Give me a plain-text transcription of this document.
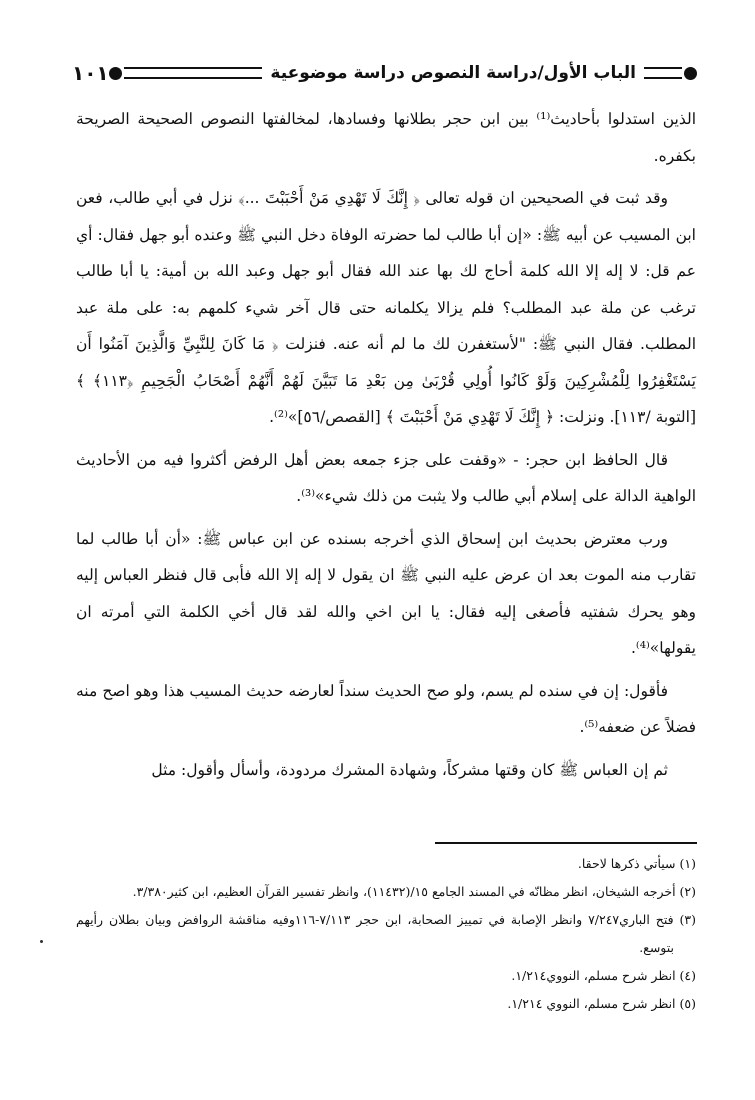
١٠١	الباب الأول/دراسة النصوص دراسة موضوعية

الذين استدلوا بأحاديث⁽¹⁾ بين ابن حجر بطلانها وفسادها، لمخالفتها النصوص الصحيحة الصريحة بكفره.

وقد ثبت في الصحيحين ان قوله تعالى ﴿ إِنَّكَ لَا تَهْدِي مَنْ أَحْبَبْتَ ...﴾ نزل في أبي طالب، فعن ابن المسيب عن أبيه ﷺ: «إن أبا طالب لما حضرته الوفاة دخل النبي ﷺ وعنده أبو جهل فقال: أي عم قل: لا إله إلا الله كلمة أحاج لك بها عند الله فقال أبو جهل وعبد الله بن أمية: يا أبا طالب ترغب عن ملة عبد المطلب؟ فلم يزالا يكلمانه حتى قال آخر شيء كلمهم به: على ملة عبد المطلب. فقال النبي ﷺ: "لأستغفرن لك ما لم أنه عنه. فنزلت ﴿ مَا كَانَ لِلنَّبِيِّ وَالَّذِينَ آمَنُوا أَن يَسْتَغْفِرُوا لِلْمُشْرِكِينَ وَلَوْ كَانُوا أُولِي قُرْبَىٰ مِن بَعْدِ مَا تَبَيَّنَ لَهُمْ أَنَّهُمْ أَصْحَابُ الْجَحِيمِ ﴿١١٣﴾ ﴾ [التوبة /١١٣]. ونزلت: ﴿ إِنَّكَ لَا تَهْدِي مَنْ أَحْبَبْتَ ﴾ [القصص/٥٦]»⁽²⁾.

قال الحافظ ابن حجر: - «وقفت على جزء جمعه بعض أهل الرفض أكثروا فيه من الأحاديث الواهية الدالة على إسلام أبي طالب ولا يثبت من ذلك شيء»⁽³⁾.

ورب معترض بحديث ابن إسحاق الذي أخرجه بسنده عن ابن عباس ﷺ: «أن أبا طالب لما تقارب منه الموت بعد ان عرض عليه النبي ﷺ ان يقول لا إله إلا الله فأبى قال فنظر العباس إليه وهو يحرك شفتيه فأصغى إليه فقال: يا ابن اخي والله لقد قال أخي الكلمة التي أمرته ان يقولها»⁽⁴⁾.

فأقول: إن في سنده لم يسم، ولو صح الحديث سنداً لعارضه حديث المسيب هذا وهو اصح منه فضلاً عن ضعفه⁽⁵⁾.

ثم إن العباس ﷺ كان وقتها مشركاً، وشهادة المشرك مردودة، وأسأل وأقول: مثل

(١) سيأتي ذكرها لاحقا.

(٢) أخرجه الشيخان، انظر مظانّه في المسند الجامع ١٥/(١١٤٣٢)، وانظر تفسير القرآن العظيم، ابن كثير٣/٣٨٠.

(٣) فتح الباري٧/٢٤٧ وانظر الإصابة في تمييز الصحابة، ابن حجر ٧/١١٣-١١٦وفيه مناقشة الروافض وبيان بطلان رأيهم بتوسع.

(٤) انظر شرح مسلم، النووي١/٢١٤.

(٥) انظر شرح مسلم، النووي ١/٢١٤.
